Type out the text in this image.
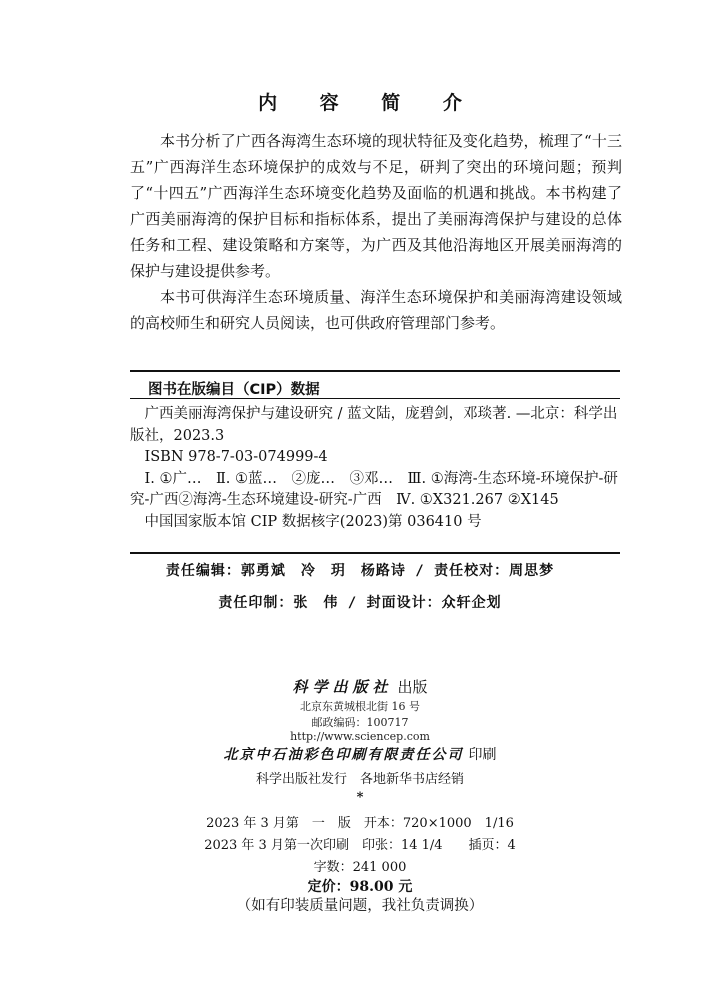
内 容 简 介

本书分析了广西各海湾生态环境的现状特征及变化趋势，梳理了“十三五”广西海洋生态环境保护的成效与不足，研判了突出的环境问题；预判了“十四五”广西海洋生态环境变化趋势及面临的机遇和挑战。本书构建了广西美丽海湾的保护目标和指标体系，提出了美丽海湾保护与建设的总体任务和工程、建设策略和方案等，为广西及其他沿海地区开展美丽海湾的保护与建设提供参考。

本书可供海洋生态环境质量、海洋生态环境保护和美丽海湾建设领域的高校师生和研究人员阅读，也可供政府管理部门参考。

图书在版编目（CIP）数据
广西美丽海湾保护与建设研究 / 蓝文陆，庞碧剑，邓琰著. —北京：科学出版社，2023.3
ISBN 978-7-03-074999-4
Ⅰ. ①广…　Ⅱ. ①蓝…　②庞…　③邓…　Ⅲ. ①海湾-生态环境-环境保护-研究-广西②海湾-生态环境建设-研究-广西　Ⅳ. ①X321.267 ②X145
中国国家版本馆 CIP 数据核字(2023)第 036410 号
责任编辑：郭勇斌　冷　玥　杨路诗 / 责任校对：周思梦
责任印制：张　伟 / 封面设计：众轩企划
科学出版社 出版
北京东黄城根北街 16 号
邮政编码：100717
http://www.sciencep.com
北京中石油彩色印刷有限责任公司 印刷
科学出版社发行　各地新华书店经销
*
2023 年 3 月第　一　版　开本：720×1000　1/16
2023 年 3 月第一次印刷　印张：14 1/4　　插页：4
字数：241 000
定价：98.00 元
（如有印装质量问题，我社负责调换）
